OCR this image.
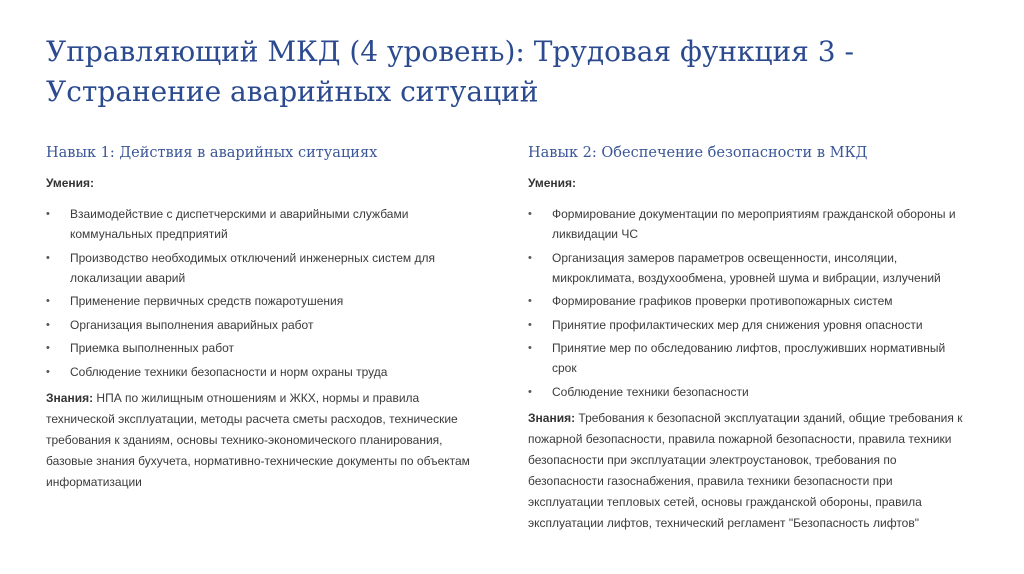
Управляющий МКД (4 уровень): Трудовая функция 3 - Устранение аварийных ситуаций
Навык 1: Действия в аварийных ситуациях
Умения:
•	Взаимодействие с диспетчерскими и аварийными службами коммунальных предприятий
•	Производство необходимых отключений инженерных систем для локализации аварий
•	Применение первичных средств пожаротушения
•	Организация выполнения аварийных работ
•	Приемка выполненных работ
•	Соблюдение техники безопасности и норм охраны труда
Знания: НПА по жилищным отношениям и ЖКХ, нормы и правила технической эксплуатации, методы расчета сметы расходов, технические требования к зданиям, основы технико-экономического планирования, базовые знания бухучета, нормативно-технические документы по объектам информатизации
Навык 2: Обеспечение безопасности в МКД
Умения:
•	Формирование документации по мероприятиям гражданской обороны и ликвидации ЧС
•	Организация замеров параметров освещенности, инсоляции, микроклимата, воздухообмена, уровней шума и вибрации, излучений
•	Формирование графиков проверки противопожарных систем
•	Принятие профилактических мер для снижения уровня опасности
•	Принятие мер по обследованию лифтов, прослуживших нормативный срок
•	Соблюдение техники безопасности
Знания: Требования к безопасной эксплуатации зданий, общие требования к пожарной безопасности, правила пожарной безопасности, правила техники безопасности при эксплуатации электроустановок, требования по безопасности газоснабжения, правила техники безопасности при эксплуатации тепловых сетей, основы гражданской обороны, правила эксплуатации лифтов, технический регламент "Безопасность лифтов"
